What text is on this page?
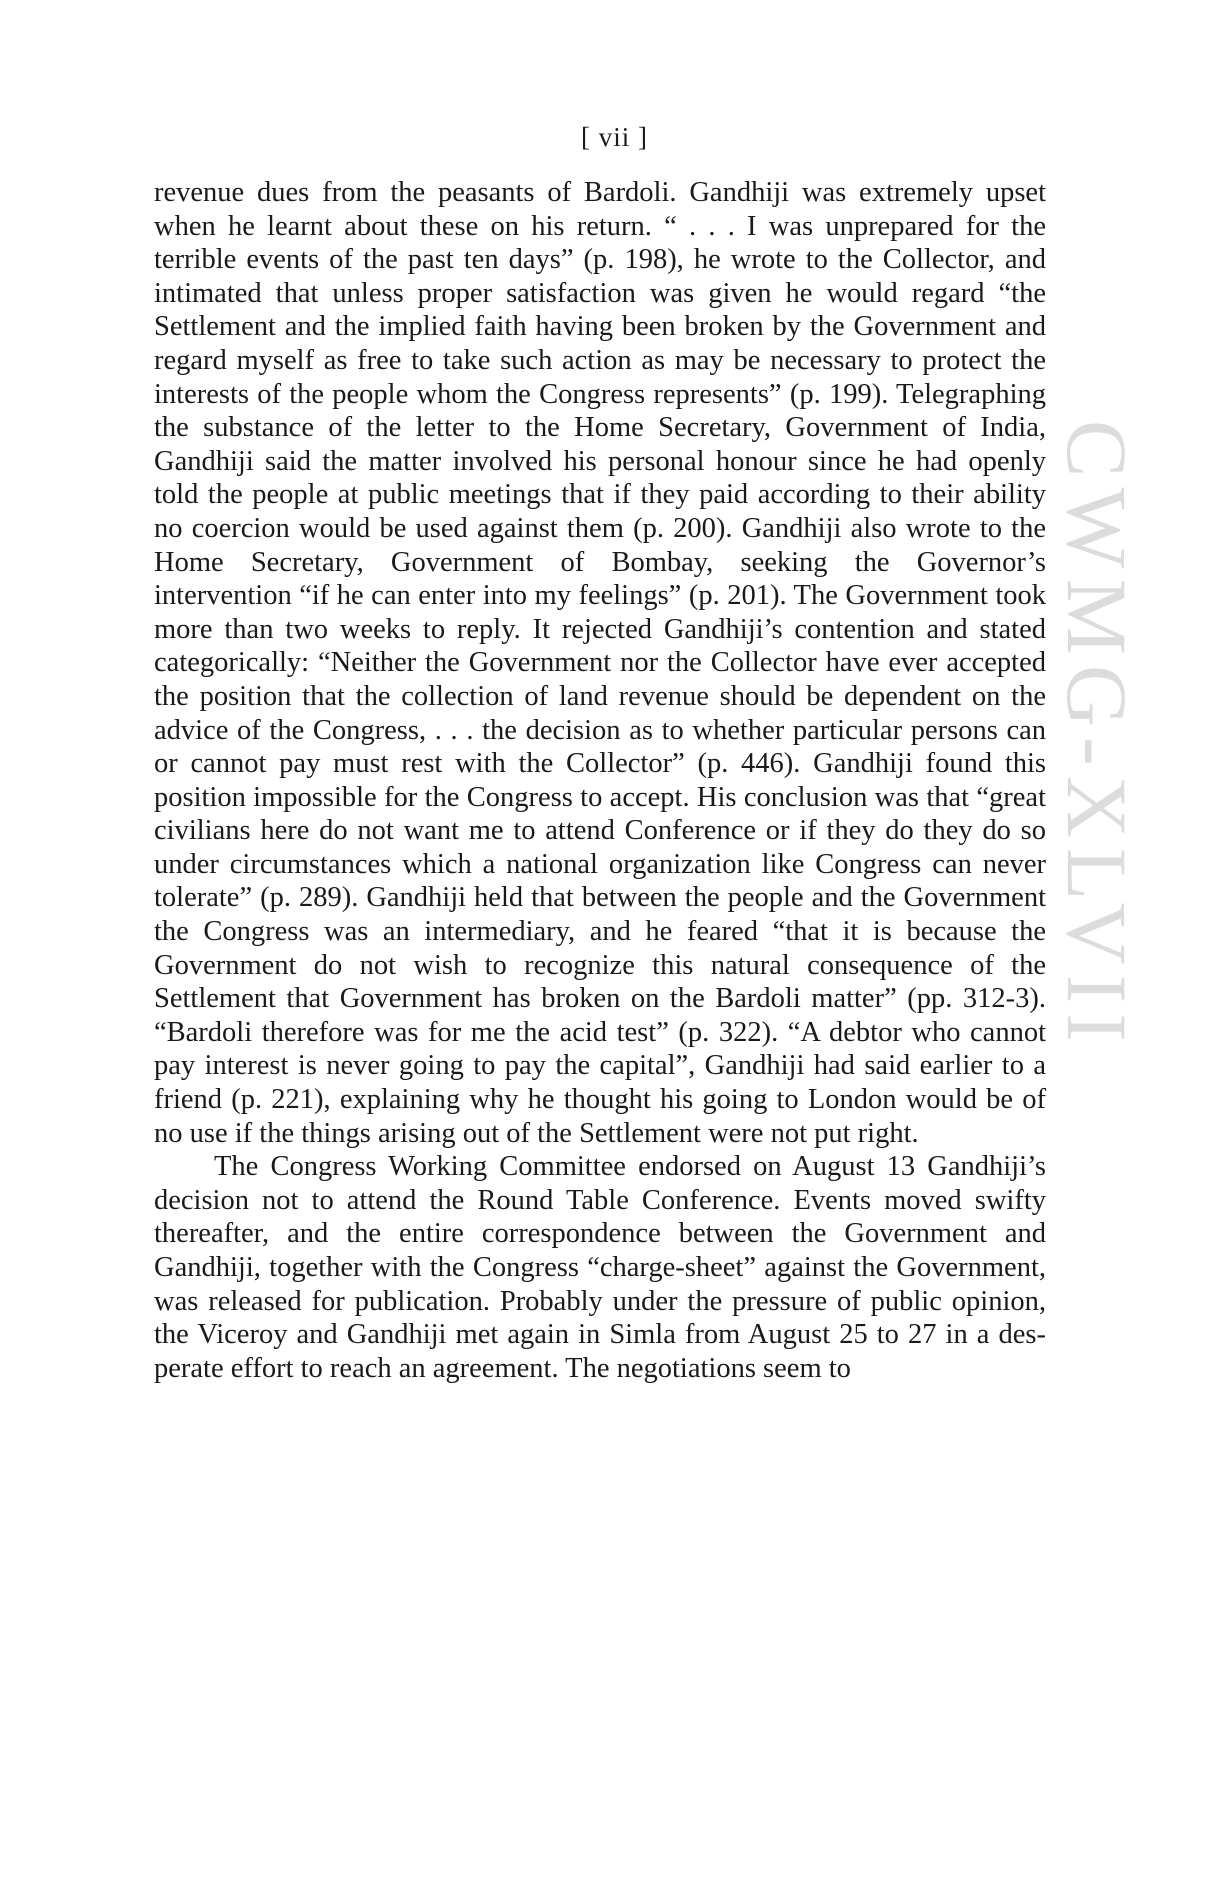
[ vii ]

revenue dues from the peasants of Bardoli. Gandhiji was extremely upset when he learnt about these on his return. “ . . . I was unprepared for the terrible events of the past ten days” (p. 198), he wrote to the Collector, and intimated that unless proper satisfaction was given he would regard “the Settlement and the implied faith having been broken by the Government and regard myself as free to take such action as may be necessary to protect the interests of the people whom the Congress represents” (p. 199). Telegraphing the substance of the letter to the Home Secretary, Government of India, Gandhiji said the matter involved his personal honour since he had openly told the people at public meetings that if they paid according to their ability no coercion would be used against them (p. 200). Gandhiji also wrote to the Home Secretary, Government of Bombay, seeking the Governor’s intervention “if he can enter into my feelings” (p. 201). The Government took more than two weeks to reply. It rejected Gandhiji’s contention and stated categorically: “Neither the Government nor the Collector have ever accepted the position that the collection of land revenue should be dependent on the advice of the Congress, . . . the decision as to whether particular persons can or cannot pay must rest with the Collector” (p. 446). Gandhiji found this position impossible for the Congress to accept. His conclusion was that “great civilians here do not want me to attend Conference or if they do they do so under circumstances which a national organization like Congress can never tolerate” (p. 289). Gandhiji held that between the people and the Government the Congress was an intermediary, and he feared “that it is because the Government do not wish to recognize this natural consequence of the Settlement that Government has broken on the Bardoli matter” (pp. 312-3). “Bardoli therefore was for me the acid test” (p. 322). “A debtor who cannot pay interest is never going to pay the capital”, Gandhiji had said earlier to a friend (p. 221), explaining why he thought his going to London would be of no use if the things arising out of the Settlement were not put right.

The Congress Working Committee endorsed on August 13 Gandhiji’s decision not to attend the Round Table Conference. Events moved swifty thereafter, and the entire correspondence between the Government and Gandhiji, together with the Congress “charge-sheet” against the Government, was released for publication. Probably under the pressure of public opinion, the Viceroy and Gandhiji met again in Simla from August 25 to 27 in a desperate effort to reach an agreement. The negotiations seem to

CWMG-XLVII
